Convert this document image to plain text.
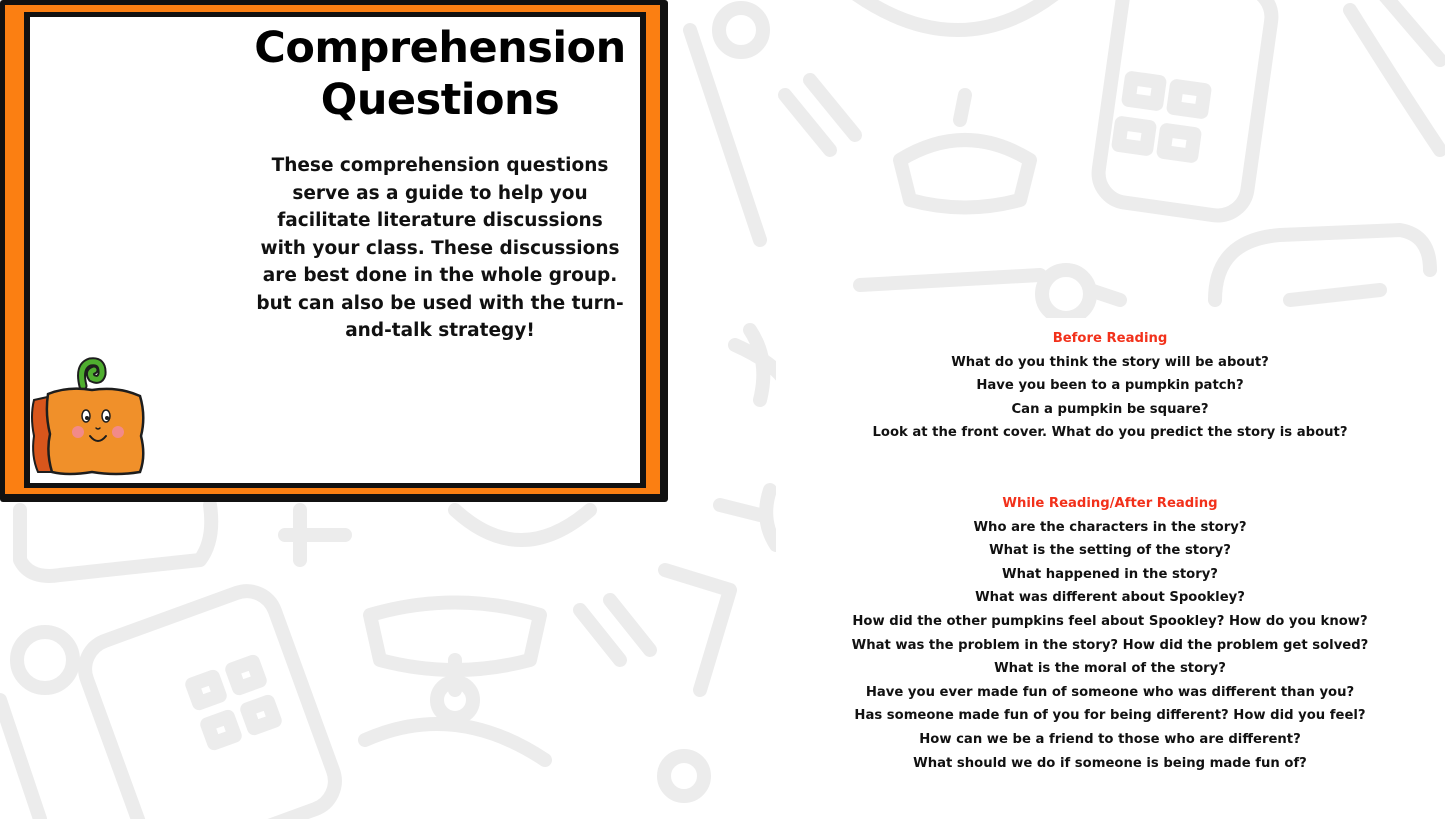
Comprehension
Questions
These comprehension questions serve as a guide to help you facilitate literature discussions with your class. These discussions are best done in the whole group. but can also be used with the turn-and-talk strategy!	Before Reading
What do you think the story will be about?
Have you been to a pumpkin patch?
Can a pumpkin be square?
Look at the front cover. What do you predict the story is about?
While Reading/After Reading
Who are the characters in the story?
What is the setting of the story?
What happened in the story?
What was different about Spookley?
How did the other pumpkins feel about Spookley? How do you know?
What was the problem in the story? How did the problem get solved?
What is the moral of the story?
Have you ever made fun of someone who was different than you?
Has someone made fun of you for being different? How did you feel?
How can we be a friend to those who are different?
What should we do if someone is being made fun of?
